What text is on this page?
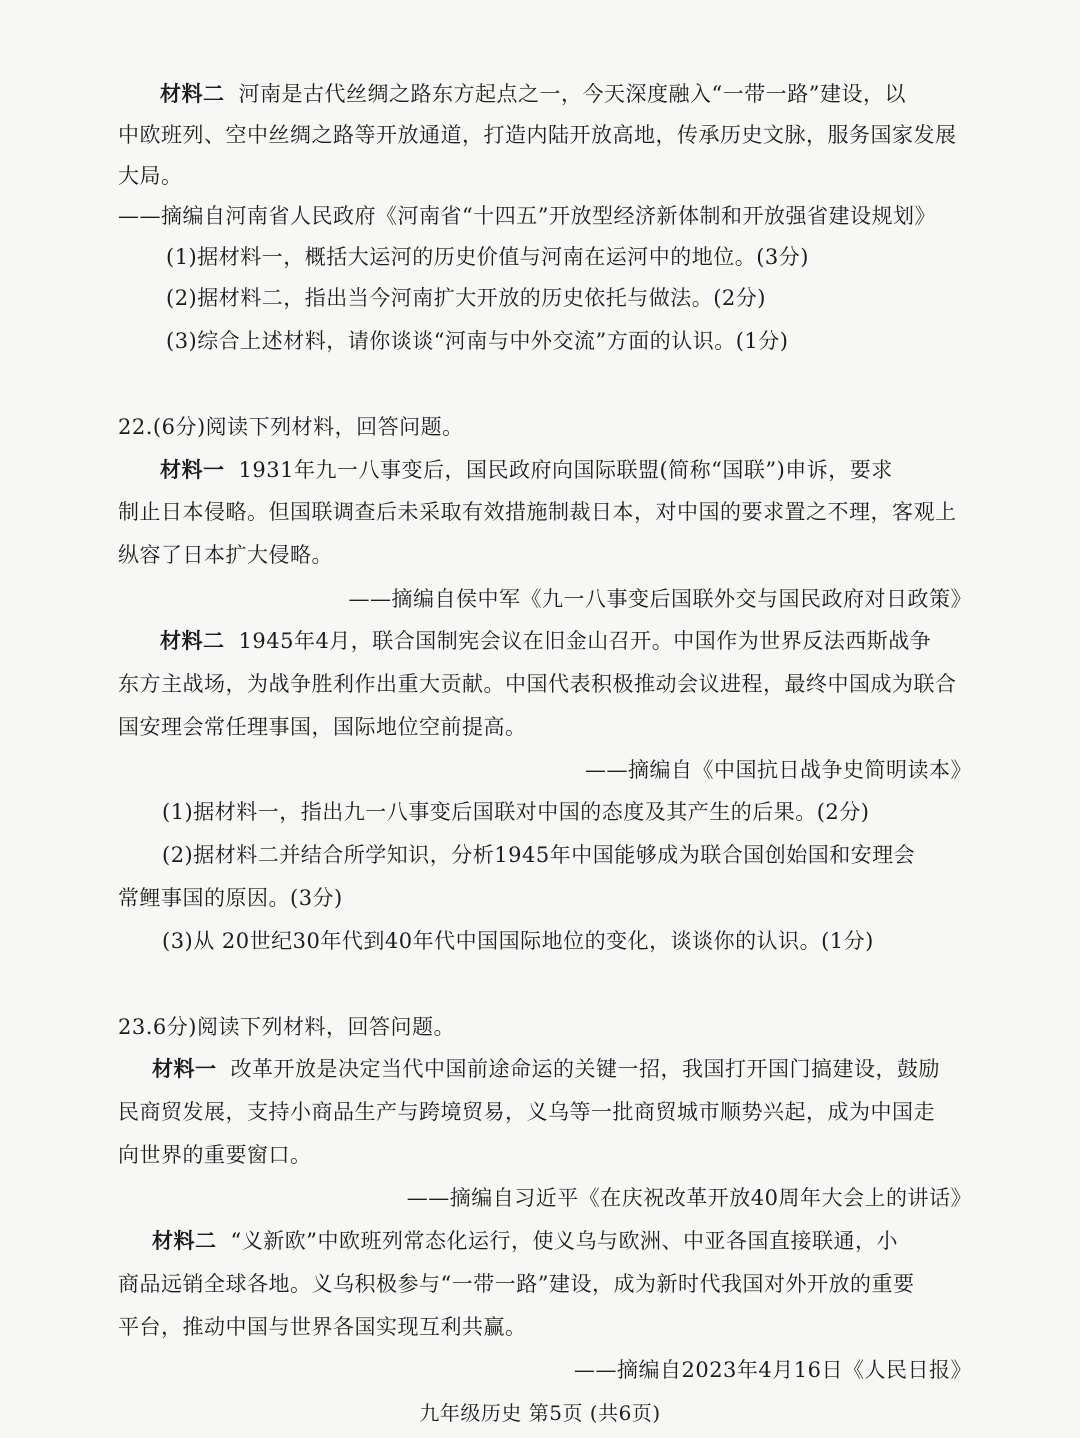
材料二 河南是古代丝绸之路东方起点之一，今天深度融入“一带一路”建设，以
中欧班列、空中丝绸之路等开放通道，打造内陆开放高地，传承历史文脉，服务国家发展
大局。
——摘编自河南省人民政府《河南省“十四五”开放型经济新体制和开放强省建设规划》
(1)据材料一，概括大运河的历史价值与河南在运河中的地位。(3分)
(2)据材料二，指出当今河南扩大开放的历史依托与做法。(2分)
(3)综合上述材料，请你谈谈“河南与中外交流”方面的认识。(1分)
22.(6分)阅读下列材料，回答问题。
材料一 1931年九一八事变后，国民政府向国际联盟(简称“国联”)申诉，要求
制止日本侵略。但国联调查后未采取有效措施制裁日本，对中国的要求置之不理，客观上
纵容了日本扩大侵略。
——摘编自侯中军《九一八事变后国联外交与国民政府对日政策》
材料二 1945年4月，联合国制宪会议在旧金山召开。中国作为世界反法西斯战争
东方主战场，为战争胜利作出重大贡献。中国代表积极推动会议进程，最终中国成为联合
国安理会常任理事国，国际地位空前提高。
——摘编自《中国抗日战争史简明读本》
(1)据材料一，指出九一八事变后国联对中国的态度及其产生的后果。(2分)
(2)据材料二并结合所学知识，分析1945年中国能够成为联合国创始国和安理会
常鲤事国的原因。(3分)
(3)从 20世纪30年代到40年代中国国际地位的变化，谈谈你的认识。(1分)
23.6分)阅读下列材料，回答问题。
材料一 改革开放是决定当代中国前途命运的关键一招，我国打开国门搞建设，鼓励
民商贸发展，支持小商品生产与跨境贸易，义乌等一批商贸城市顺势兴起，成为中国走
向世界的重要窗口。
——摘编自习近平《在庆祝改革开放40周年大会上的讲话》
材料二 “义新欧”中欧班列常态化运行，使义乌与欧洲、中亚各国直接联通，小
商品远销全球各地。义乌积极参与“一带一路”建设，成为新时代我国对外开放的重要
平台，推动中国与世界各国实现互利共赢。
——摘编自2023年4月16日《人民日报》
九年级历史 第5页 (共6页)
